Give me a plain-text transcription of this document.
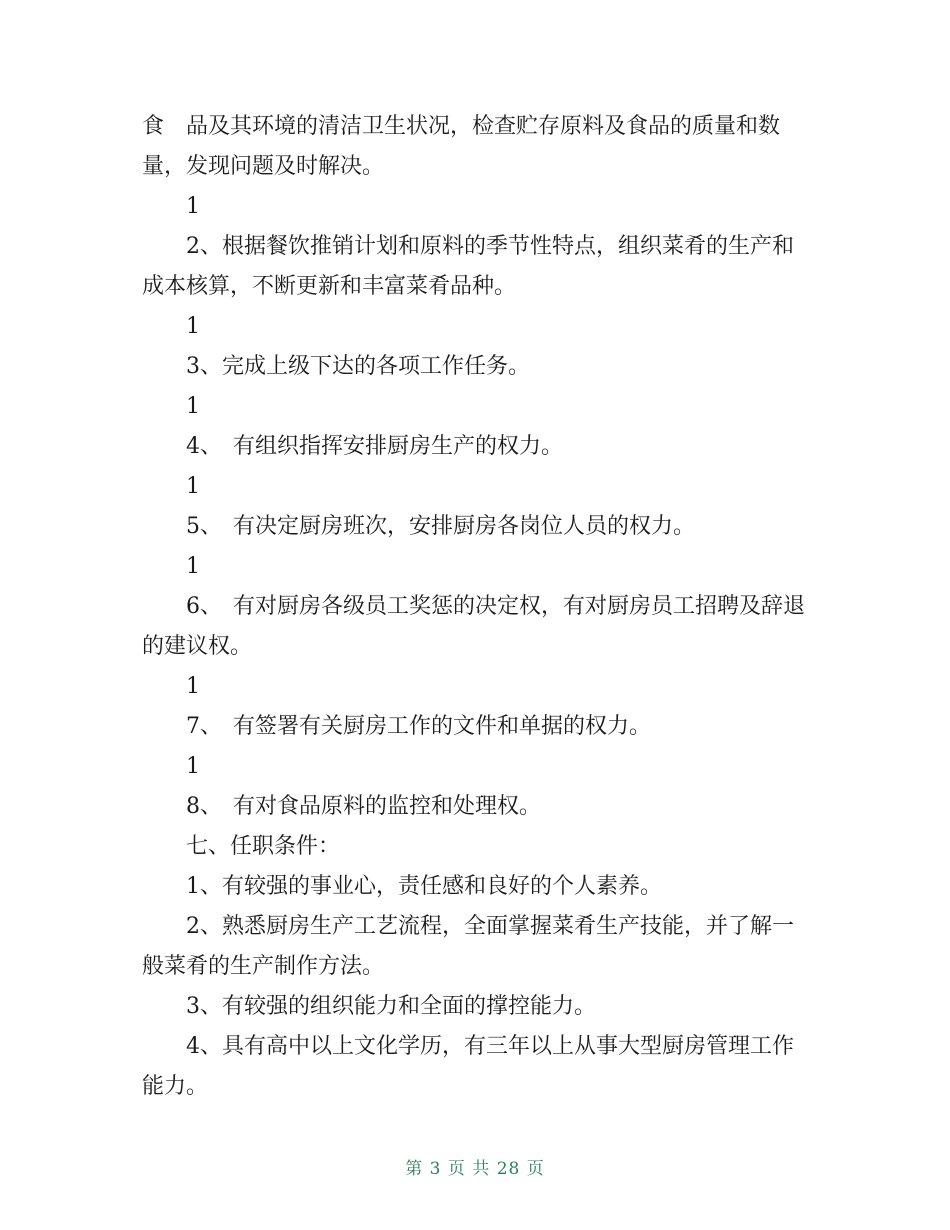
食　品及其环境的清洁卫生状况，检查贮存原料及食品的质量和数量，发现问题及时解决。

1

2、根据餐饮推销计划和原料的季节性特点，组织菜肴的生产和成本核算，不断更新和丰富菜肴品种。

1

3、完成上级下达的各项工作任务。

1

4、　有组织指挥安排厨房生产的权力。

1

5、　有决定厨房班次，安排厨房各岗位人员的权力。

1

6、　有对厨房各级员工奖惩的决定权，有对厨房员工招聘及辞退的建议权。

1

7、　有签署有关厨房工作的文件和单据的权力。

1

8、　有对食品原料的监控和处理权。

七、任职条件：

1、有较强的事业心，责任感和良好的个人素养。

2、熟悉厨房生产工艺流程，全面掌握菜肴生产技能，并了解一般菜肴的生产制作方法。

3、有较强的组织能力和全面的撑控能力。

4、具有高中以上文化学历，有三年以上从事大型厨房管理工作能力。

第 3 页 共 28 页
